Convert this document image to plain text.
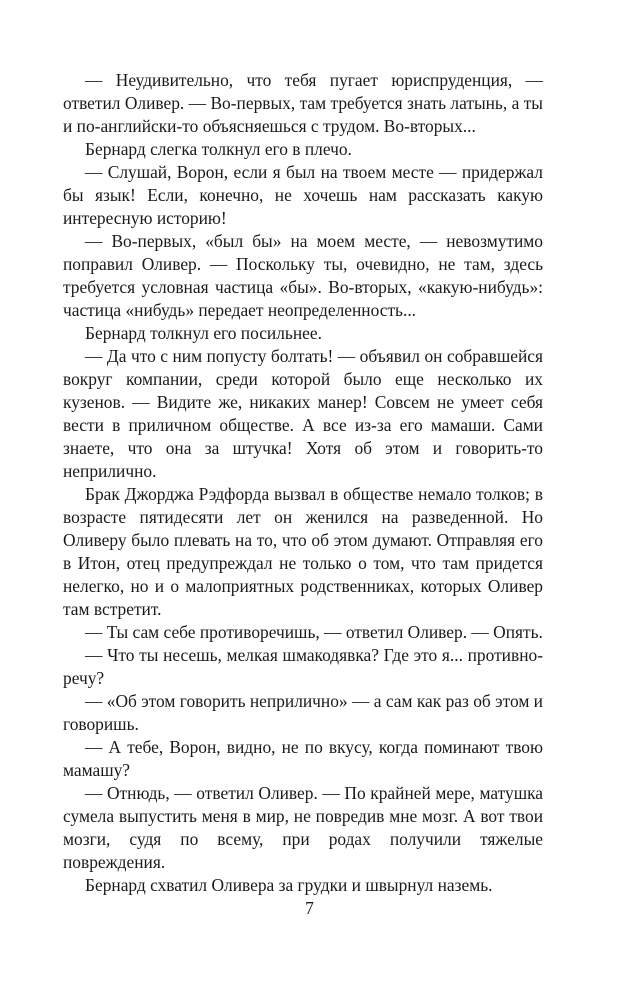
— Неудивительно, что тебя пугает юриспруденция, — ответил Оливер. — Во-первых, там требуется знать латынь, а ты и по-английски-то объясняешься с трудом. Во-вторых...

Бернард слегка толкнул его в плечо.

— Слушай, Ворон, если я был на твоем месте — придержал бы язык! Если, конечно, не хочешь нам рассказать какую интересную историю!

— Во-первых, «был бы» на моем месте, — невозмутимо поправил Оливер. — Поскольку ты, очевидно, не там, здесь требуется условная частица «бы». Во-вторых, «какую-нибудь»: частица «нибудь» передает неопределенность...

Бернард толкнул его посильнее.

— Да что с ним попусту болтать! — объявил он собравшейся вокруг компании, среди которой было еще несколько их кузенов. — Видите же, никаких манер! Совсем не умеет себя вести в приличном обществе. А все из-за его мамаши. Сами знаете, что она за штучка! Хотя об этом и говорить-то неприлично.

Брак Джорджа Рэдфорда вызвал в обществе немало толков; в возрасте пятидесяти лет он женился на разведенной. Но Оливеру было плевать на то, что об этом думают. Отправляя его в Итон, отец предупреждал не только о том, что там придется нелегко, но и о малоприятных родственниках, которых Оливер там встретит.

— Ты сам себе противоречишь, — ответил Оливер. — Опять.

— Что ты несешь, мелкая шмакодявка? Где это я... противно-речу?

— «Об этом говорить неприлично» — а сам как раз об этом и говоришь.

— А тебе, Ворон, видно, не по вкусу, когда поминают твою мамашу?

— Отнюдь, — ответил Оливер. — По крайней мере, матушка сумела выпустить меня в мир, не повредив мне мозг. А вот твои мозги, судя по всему, при родах получили тяжелые повреждения.

Бернард схватил Оливера за грудки и швырнул наземь.

7
